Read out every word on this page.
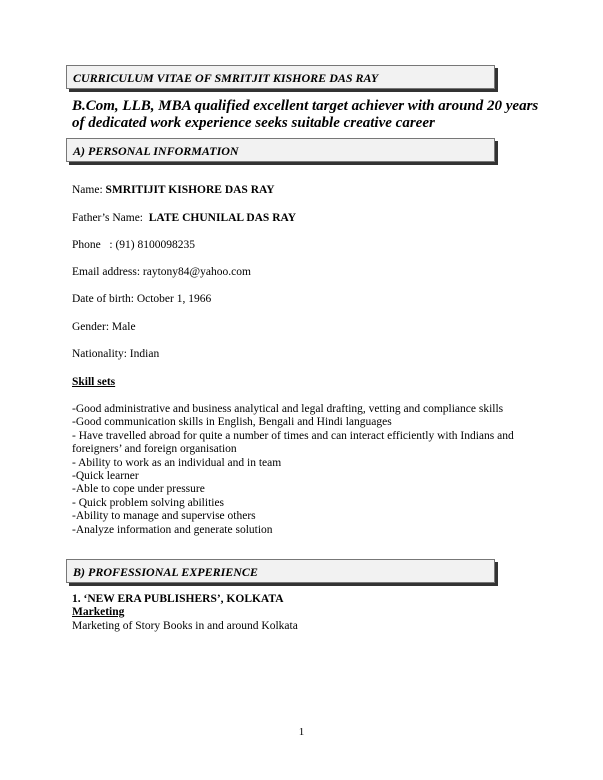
CURRICULUM VITAE OF SMRITJIT KISHORE DAS RAY
B.Com, LLB, MBA qualified excellent target achiever with around 20 years of dedicated work experience seeks suitable creative career
A) PERSONAL INFORMATION
Name: SMRITIJIT KISHORE DAS RAY
Father’s Name: LATE CHUNILAL DAS RAY
Phone   : (91) 8100098235
Email address: raytony84@yahoo.com
Date of birth: October 1, 1966
Gender: Male
Nationality: Indian
Skill sets
-Good administrative and business analytical and legal drafting, vetting and compliance skills
-Good communication skills in English, Bengali and Hindi languages
- Have travelled abroad for quite a number of times and can interact efficiently with Indians and
foreigners’ and foreign organisation
- Ability to work as an individual and in team
-Quick learner
-Able to cope under pressure
- Quick problem solving abilities
-Ability to manage and supervise others
-Analyze information and generate solution
B) PROFESSIONAL EXPERIENCE
1. ‘NEW ERA PUBLISHERS’, KOLKATA
Marketing
Marketing of Story Books in and around Kolkata
1
